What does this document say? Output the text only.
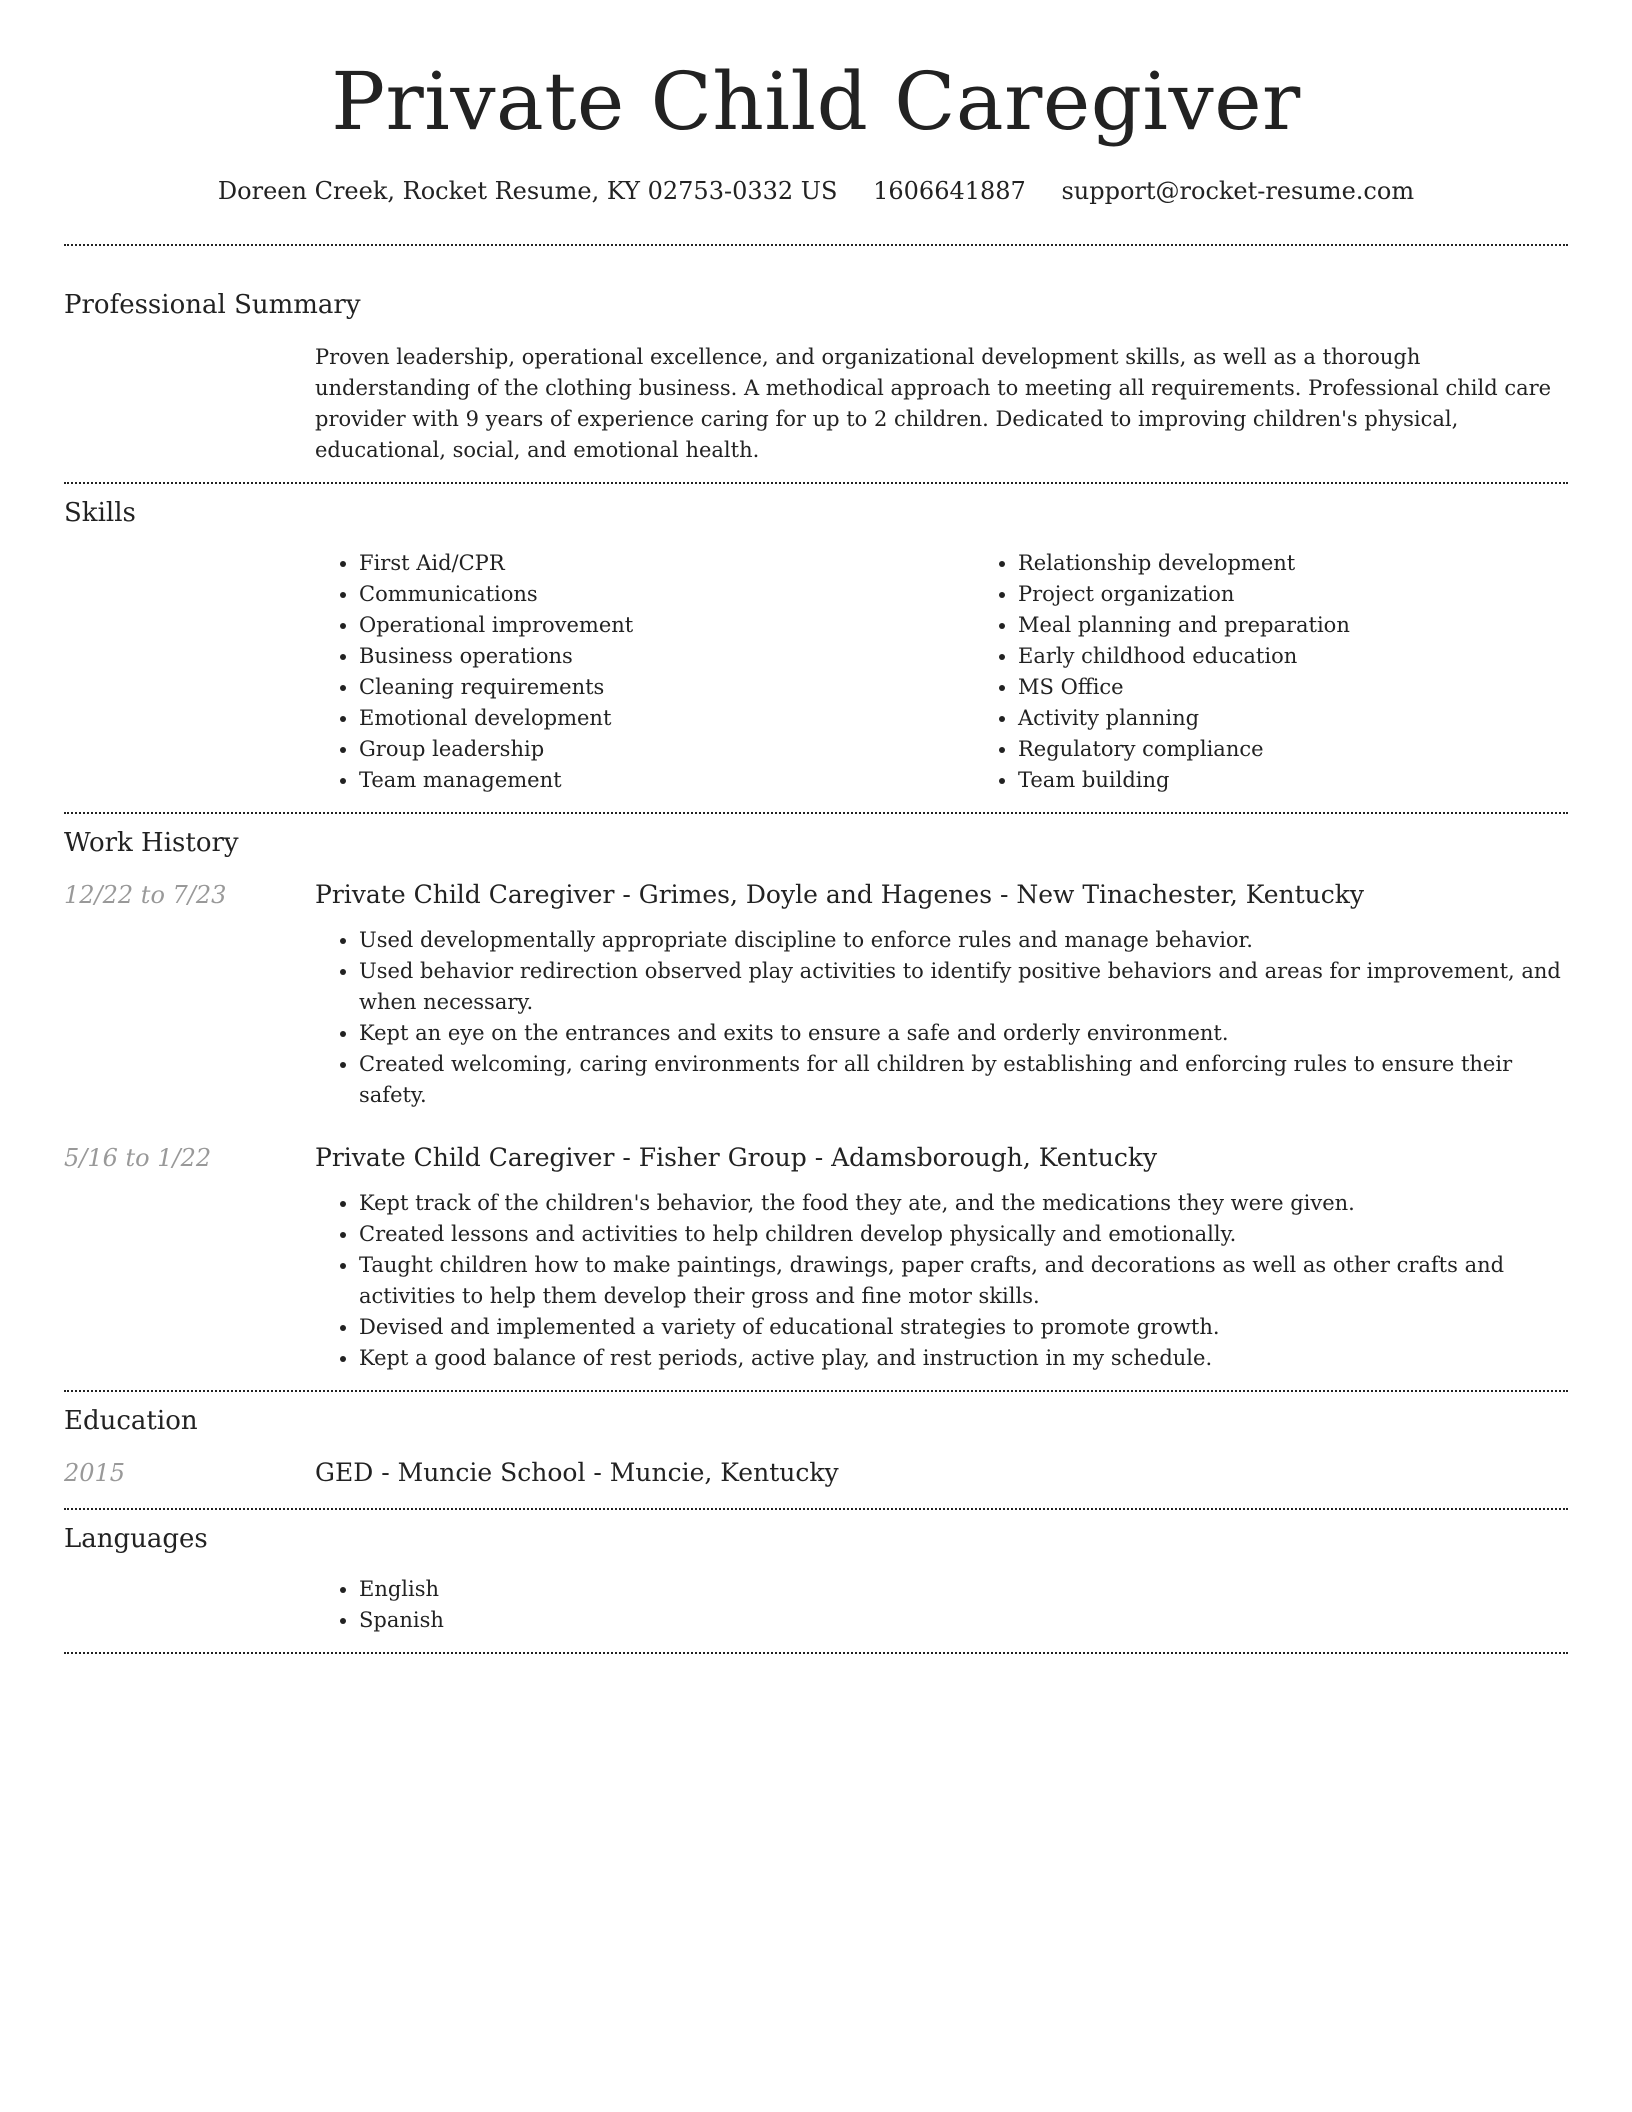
Private Child Caregiver
Doreen Creek, Rocket Resume, KY 02753-0332 US 1606641887 support@rocket-resume.com
Professional Summary

Proven leadership, operational excellence, and organizational development skills, as well as a thorough understanding of the clothing business. A methodical approach to meeting all requirements. Professional child care provider with 9 years of experience caring for up to 2 children. Dedicated to improving children's physical, educational, social, and emotional health.

Skills
• First Aid/CPR
• Communications
• Operational improvement
• Business operations
• Cleaning requirements
• Emotional development
• Group leadership
• Team management
• Relationship development
• Project organization
• Meal planning and preparation
• Early childhood education
• MS Office
• Activity planning
• Regulatory compliance
• Team building
Work History
12/22 to 7/23	Private Child Caregiver - Grimes, Doyle and Hagenes - New Tinachester, Kentucky

• Used developmentally appropriate discipline to enforce rules and manage behavior.
• Used behavior redirection observed play activities to identify positive behaviors and areas for improvement, and when necessary.
• Kept an eye on the entrances and exits to ensure a safe and orderly environment.
• Created welcoming, caring environments for all children by establishing and enforcing rules to ensure their safety.
5/16 to 1/22	Private Child Caregiver - Fisher Group - Adamsborough, Kentucky

• Kept track of the children's behavior, the food they ate, and the medications they were given.
• Created lessons and activities to help children develop physically and emotionally.
• Taught children how to make paintings, drawings, paper crafts, and decorations as well as other crafts and activities to help them develop their gross and fine motor skills.
• Devised and implemented a variety of educational strategies to promote growth.
• Kept a good balance of rest periods, active play, and instruction in my schedule.
Education
2015	GED - Muncie School - Muncie, Kentucky

Languages
• English
• Spanish
